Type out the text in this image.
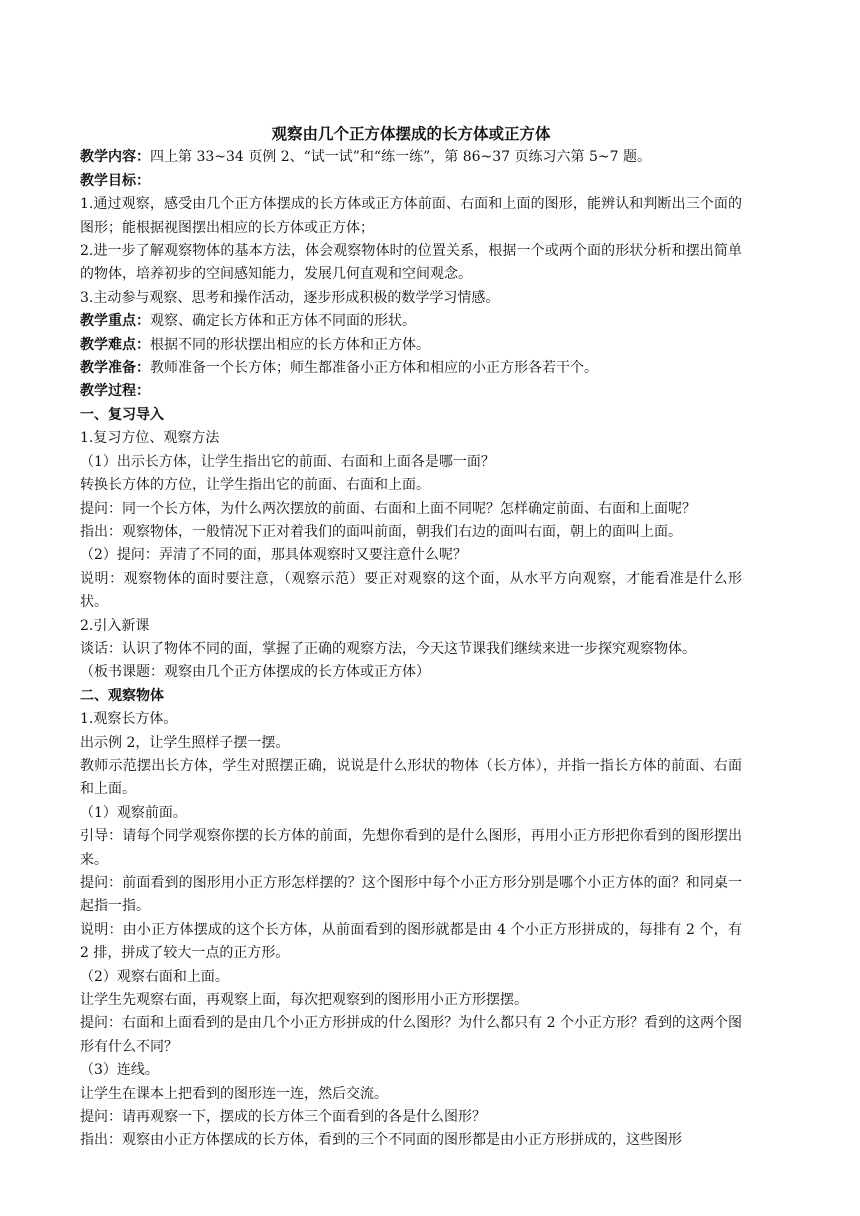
观察由几个正方体摆成的长方体或正方体
教学内容：四上第 33~34 页例 2、“试一试”和“练一练”，第 86~37 页练习六第 5~7 题。
教学目标：
1.通过观察，感受由几个正方体摆成的长方体或正方体前面、右面和上面的图形，能辨认和判断出三个面的图形；能根据视图摆出相应的长方体或正方体；
2.进一步了解观察物体的基本方法，体会观察物体时的位置关系，根据一个或两个面的形状分析和摆出简单的物体，培养初步的空间感知能力，发展几何直观和空间观念。
3.主动参与观察、思考和操作活动，逐步形成积极的数学学习情感。
教学重点：观察、确定长方体和正方体不同面的形状。
教学难点：根据不同的形状摆出相应的长方体和正方体。
教学准备：教师准备一个长方体；师生都准备小正方体和相应的小正方形各若干个。
教学过程：
一、复习导入
1.复习方位、观察方法
（1）出示长方体，让学生指出它的前面、右面和上面各是哪一面？
转换长方体的方位，让学生指出它的前面、右面和上面。
提问：同一个长方体，为什么两次摆放的前面、右面和上面不同呢？怎样确定前面、右面和上面呢？
指出：观察物体，一般情况下正对着我们的面叫前面，朝我们右边的面叫右面，朝上的面叫上面。
（2）提问：弄清了不同的面，那具体观察时又要注意什么呢？
说明：观察物体的面时要注意，（观察示范）要正对观察的这个面，从水平方向观察，才能看准是什么形状。
2.引入新课
谈话：认识了物体不同的面，掌握了正确的观察方法，今天这节课我们继续来进一步探究观察物体。
（板书课题：观察由几个正方体摆成的长方体或正方体）
二、观察物体
1.观察长方体。
出示例 2，让学生照样子摆一摆。
教师示范摆出长方体，学生对照摆正确，说说是什么形状的物体（长方体），并指一指长方体的前面、右面和上面。
（1）观察前面。
引导：请每个同学观察你摆的长方体的前面，先想你看到的是什么图形，再用小正方形把你看到的图形摆出来。
提问：前面看到的图形用小正方形怎样摆的？这个图形中每个小正方形分别是哪个小正方体的面？和同桌一起指一指。
说明：由小正方体摆成的这个长方体，从前面看到的图形就都是由 4 个小正方形拼成的，每排有 2 个，有 2 排，拼成了较大一点的正方形。
（2）观察右面和上面。
让学生先观察右面，再观察上面，每次把观察到的图形用小正方形摆摆。
提问：右面和上面看到的是由几个小正方形拼成的什么图形？为什么都只有 2 个小正方形？看到的这两个图形有什么不同？
（3）连线。
让学生在课本上把看到的图形连一连，然后交流。
提问：请再观察一下，摆成的长方体三个面看到的各是什么图形？
指出：观察由小正方体摆成的长方体，看到的三个不同面的图形都是由小正方形拼成的，这些图形
